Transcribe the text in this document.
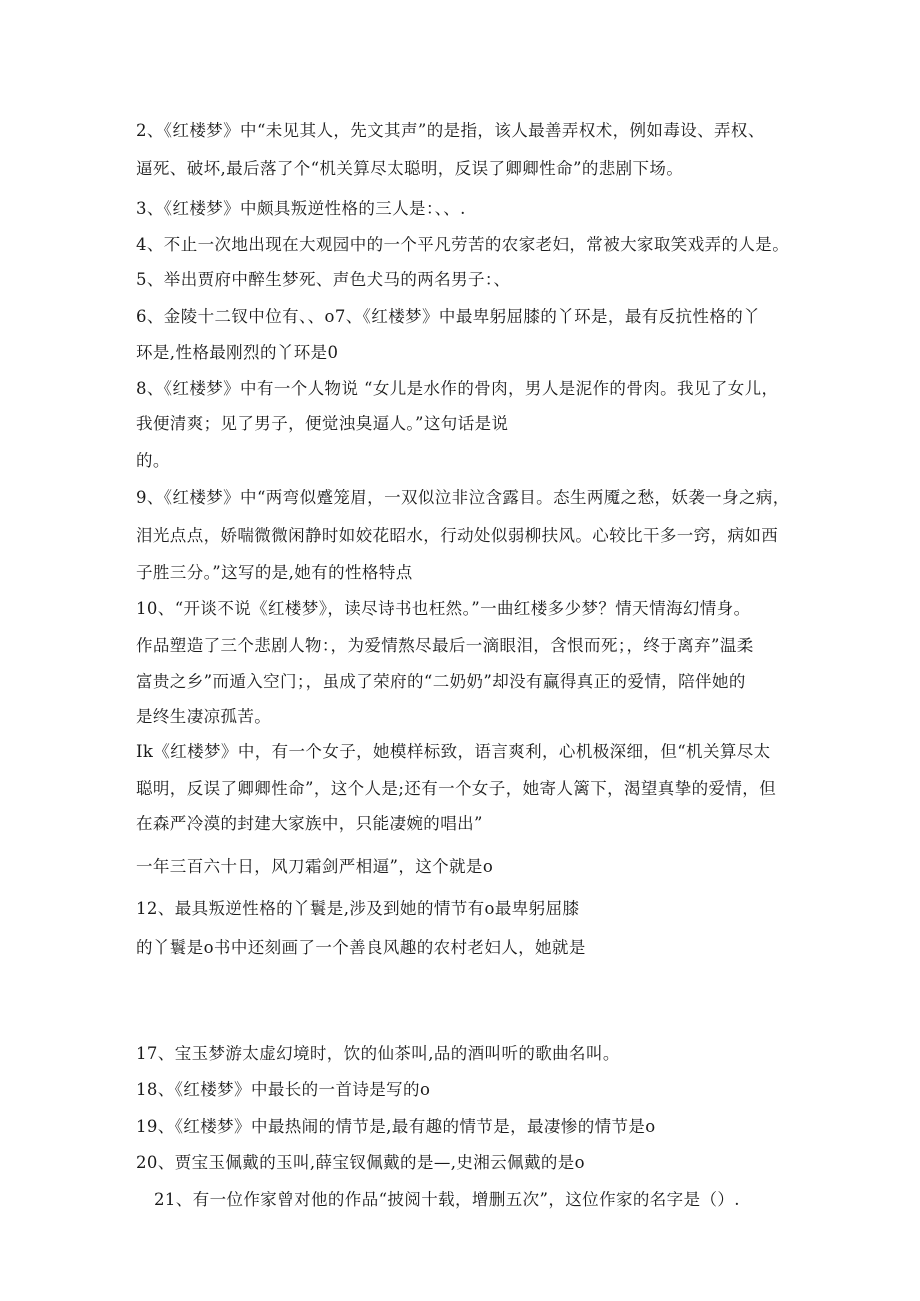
2、《红楼梦》中“未见其人，先文其声”的是指，该人最善弄权术，例如毒设、弄权、
逼死、破坏,最后落了个“机关算尽太聪明，反误了卿卿性命”的悲剧下场。
3、《红楼梦》中颇具叛逆性格的三人是：、、.
4、不止一次地出现在大观园中的一个平凡劳苦的农家老妇，常被大家取笑戏弄的人是。
5、举出贾府中醉生梦死、声色犬马的两名男子：、
6、金陵十二钗中位有、、o7、《红楼梦》中最卑躬屈膝的丫环是，最有反抗性格的丫
环是,性格最刚烈的丫环是0
8、《红楼梦》中有一个人物说 “女儿是水作的骨肉，男人是泥作的骨肉。我见了女儿，
我便清爽；见了男子，便觉浊臭逼人。”这句话是说
的。
9、《红楼梦》中“两弯似蹙笼眉，一双似泣非泣含露目。态生两魇之愁，妖袭一身之病，
泪光点点，娇喘微微闲静时如姣花昭水，行动处似弱柳扶风。心较比干多一窍，病如西
子胜三分。”这写的是,她有的性格特点
10、“开谈不说《红楼梦》，读尽诗书也枉然。”一曲红楼多少梦？情天情海幻情身。
作品塑造了三个悲剧人物：，为爱情熬尽最后一滴眼泪，含恨而死；，终于离弃”温柔
富贵之乡”而遁入空门；，虽成了荣府的“二奶奶”却没有赢得真正的爱情，陪伴她的
是终生凄凉孤苦。
Ik《红楼梦》中，有一个女子，她模样标致，语言爽利，心机极深细，但“机关算尽太
聪明，反误了卿卿性命”，这个人是;还有一个女子，她寄人篱下，渴望真挚的爱情，但
在森严冷漠的封建大家族中，只能凄婉的唱出”
一年三百六十日，风刀霜剑严相逼”，这个就是o
12、最具叛逆性格的丫鬟是,涉及到她的情节有o最卑躬屈膝
的丫鬟是o书中还刻画了一个善良风趣的农村老妇人，她就是
17、宝玉梦游太虚幻境时，饮的仙茶叫,品的酒叫听的歌曲名叫。
18、《红楼梦》中最长的一首诗是写的o
19、《红楼梦》中最热闹的情节是,最有趣的情节是，最凄惨的情节是o
20、贾宝玉佩戴的玉叫,薛宝钗佩戴的是—,史湘云佩戴的是o
21、有一位作家曾对他的作品“披阅十载，增删五次”，这位作家的名字是（）.
